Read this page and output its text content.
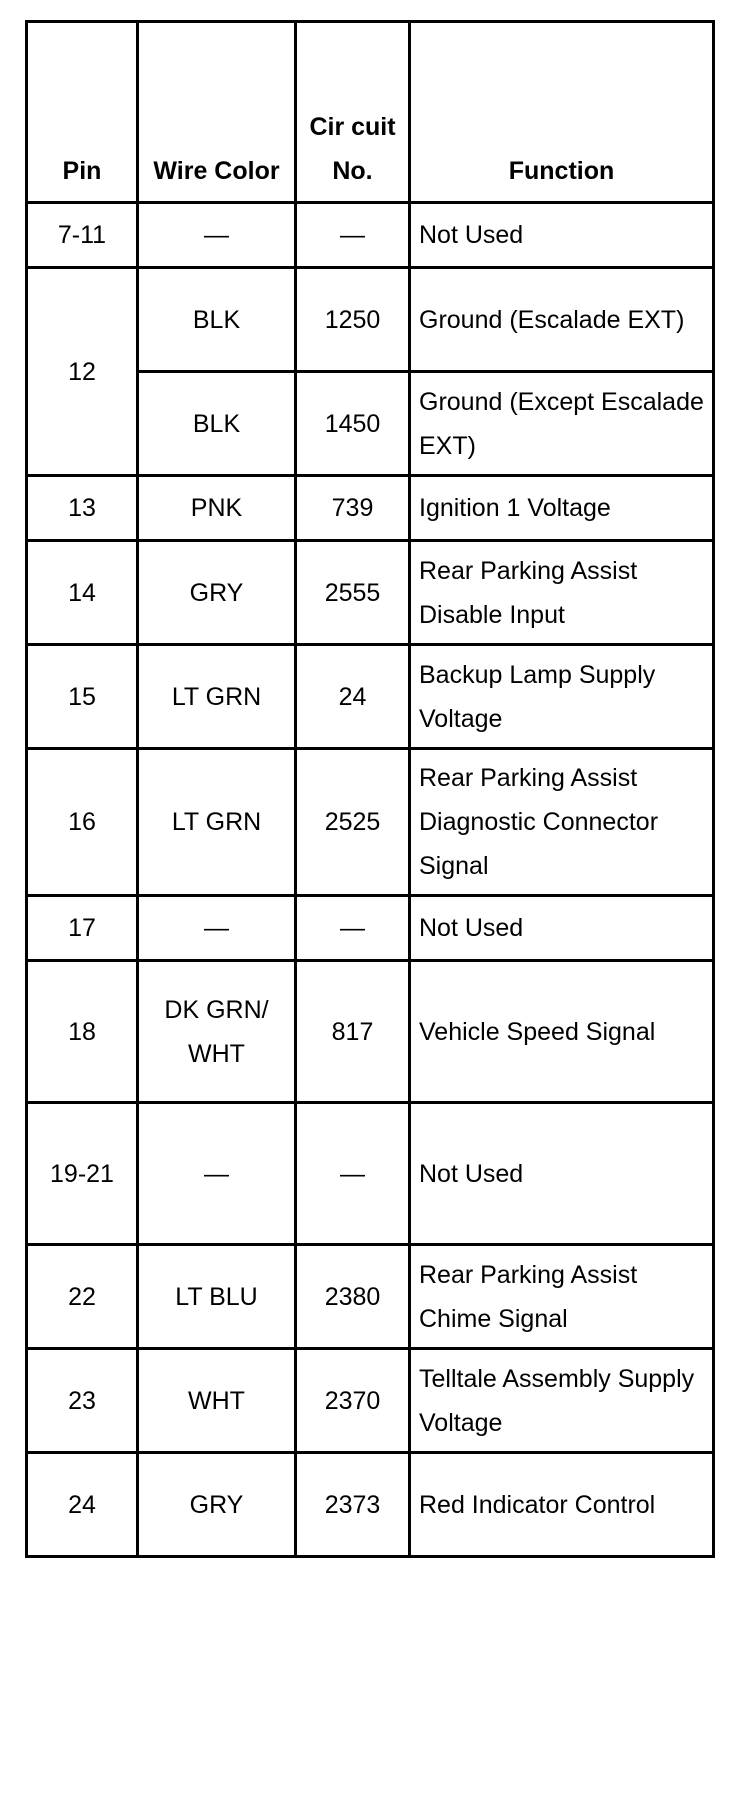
Pin	Wire Color	Cir cuit No.	Function
7-11	—	—	Not Used
12	BLK	1250	Ground (Escalade EXT)
	BLK	1450	Ground (Except Escalade EXT)
13	PNK	739	Ignition 1 Voltage
14	GRY	2555	Rear Parking Assist Disable Input
15	LT GRN	24	Backup Lamp Supply Voltage
16	LT GRN	2525	Rear Parking Assist Diagnostic Connector Signal
17	—	—	Not Used
18	DK GRN/WHT	817	Vehicle Speed Signal
19-21	—	—	Not Used
22	LT BLU	2380	Rear Parking Assist Chime Signal
23	WHT	2370	Telltale Assembly Supply Voltage
24	GRY	2373	Red Indicator Control
